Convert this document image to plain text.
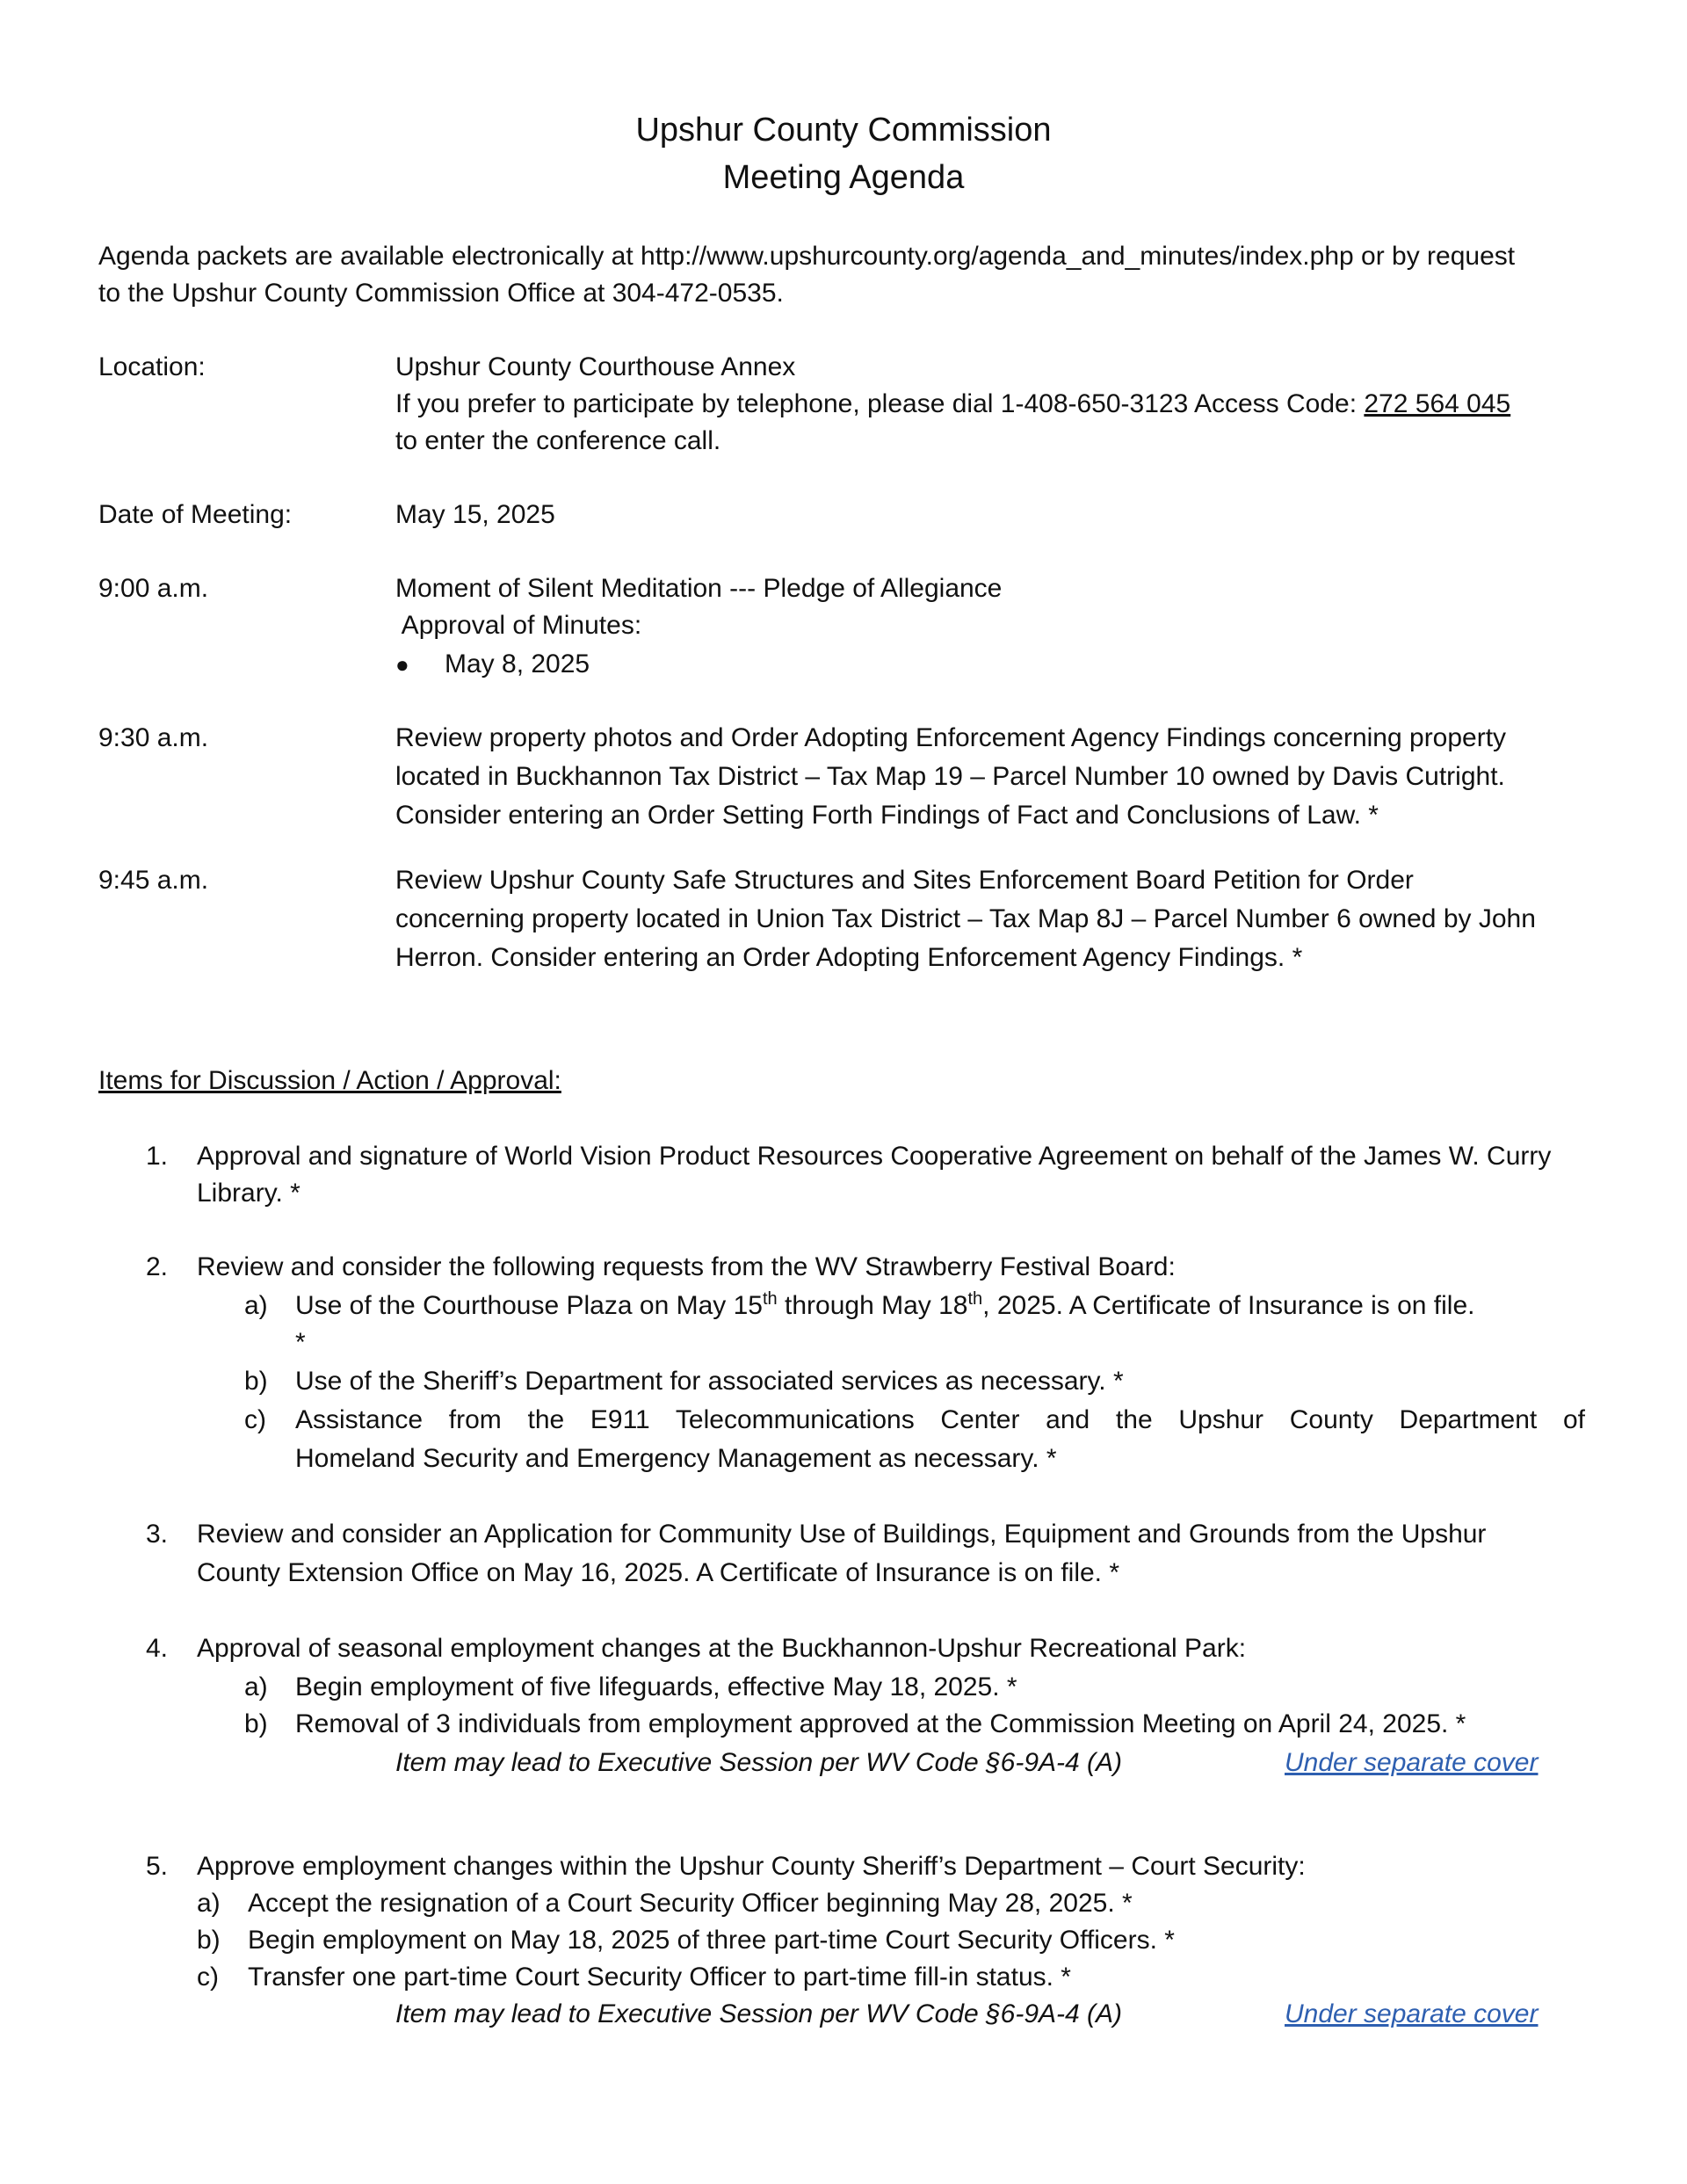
Upshur County Commission
Meeting Agenda
Agenda packets are available electronically at http://www.upshurcounty.org/agenda_and_minutes/index.php or by request
to the Upshur County Commission Office at 304-472-0535.
Location:	Upshur County Courthouse Annex
If you prefer to participate by telephone, please dial 1-408-650-3123 Access Code: 272 564 045
to enter the conference call.
Date of Meeting:	May 15, 2025
9:00 a.m.	Moment of Silent Meditation --- Pledge of Allegiance
Approval of Minutes:
● May 8, 2025
9:30 a.m.	Review property photos and Order Adopting Enforcement Agency Findings concerning property
located in Buckhannon Tax District – Tax Map 19 – Parcel Number 10 owned by Davis Cutright.
Consider entering an Order Setting Forth Findings of Fact and Conclusions of Law. *
9:45 a.m.	Review Upshur County Safe Structures and Sites Enforcement Board Petition for Order
concerning property located in Union Tax District – Tax Map 8J – Parcel Number 6 owned by John
Herron. Consider entering an Order Adopting Enforcement Agency Findings. *
Items for Discussion / Action / Approval:
1.	Approval and signature of World Vision Product Resources Cooperative Agreement on behalf of the James W. Curry
Library. *
2.	Review and consider the following requests from the WV Strawberry Festival Board:
a)	Use of the Courthouse Plaza on May 15th through May 18th, 2025. A Certificate of Insurance is on file.
*
b)	Use of the Sheriff’s Department for associated services as necessary. *
c)	Assistance from the E911 Telecommunications Center and the Upshur County Department of
Homeland Security and Emergency Management as necessary. *
3.	Review and consider an Application for Community Use of Buildings, Equipment and Grounds from the Upshur
County Extension Office on May 16, 2025. A Certificate of Insurance is on file. *
4.	Approval of seasonal employment changes at the Buckhannon-Upshur Recreational Park:
a)	Begin employment of five lifeguards, effective May 18, 2025. *
b)	Removal of 3 individuals from employment approved at the Commission Meeting on April 24, 2025. *
Item may lead to Executive Session per WV Code §6-9A-4 (A)	Under separate cover
5.	Approve employment changes within the Upshur County Sheriff’s Department – Court Security:
a)	Accept the resignation of a Court Security Officer beginning May 28, 2025. *
b)	Begin employment on May 18, 2025 of three part-time Court Security Officers. *
c)	Transfer one part-time Court Security Officer to part-time fill-in status. *
Item may lead to Executive Session per WV Code §6-9A-4 (A)	Under separate cover
